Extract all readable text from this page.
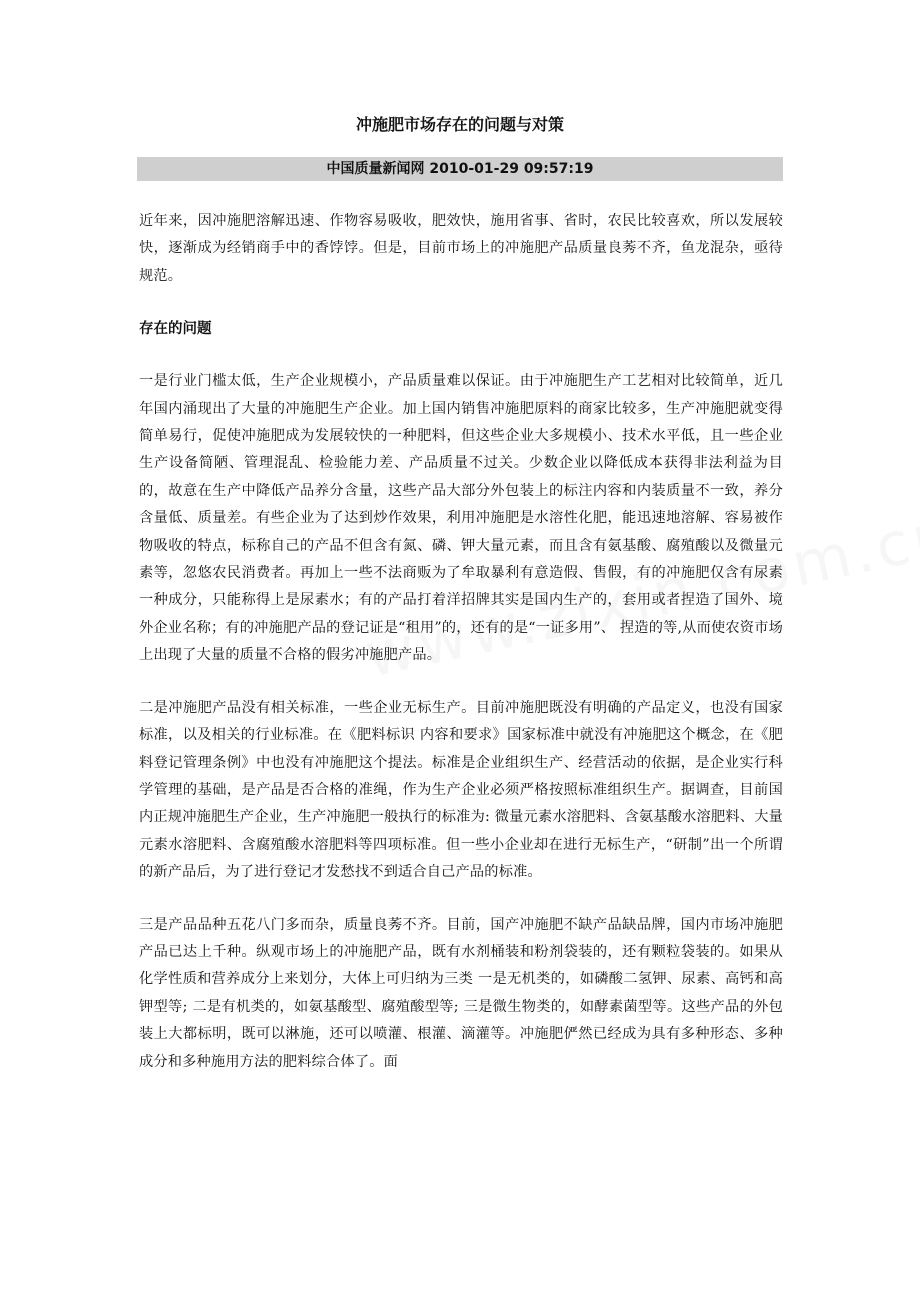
冲施肥市场存在的问题与对策
中国质量新闻网 2010-01-29 09:57:19

近年来，因冲施肥溶解迅速、作物容易吸收，肥效快，施用省事、省时，农民比较喜欢，所以发展较快，逐渐成为经销商手中的香饽饽。但是，目前市场上的冲施肥产品质量良莠不齐，鱼龙混杂，亟待规范。

存在的问题

一是行业门槛太低，生产企业规模小，产品质量难以保证。由于冲施肥生产工艺相对比较简单，近几年国内涌现出了大量的冲施肥生产企业。加上国内销售冲施肥原料的商家比较多，生产冲施肥就变得简单易行，促使冲施肥成为发展较快的一种肥料，但这些企业大多规模小、技术水平低，且一些企业生产设备简陋、管理混乱、检验能力差、产品质量不过关。少数企业以降低成本获得非法利益为目的，故意在生产中降低产品养分含量，这些产品大部分外包装上的标注内容和内装质量不一致，养分含量低、质量差。有些企业为了达到炒作效果，利用冲施肥是水溶性化肥，能迅速地溶解、容易被作物吸收的特点，标称自己的产品不但含有氮、磷、钾大量元素，而且含有氨基酸、腐殖酸以及微量元素等，忽悠农民消费者。再加上一些不法商贩为了牟取暴利有意造假、售假，有的冲施肥仅含有尿素一种成分，只能称得上是尿素水；有的产品打着洋招牌其实是国内生产的，套用或者捏造了国外、境外企业名称；有的冲施肥产品的登记证是“租用”的，还有的是“一证多用”、 捏造的等,从而使农资市场上出现了大量的质量不合格的假劣冲施肥产品。

二是冲施肥产品没有相关标准，一些企业无标生产。目前冲施肥既没有明确的产品定义，也没有国家标准，以及相关的行业标准。在《肥料标识 内容和要求》国家标准中就没有冲施肥这个概念，在《肥料登记管理条例》中也没有冲施肥这个提法。标准是企业组织生产、经营活动的依据，是企业实行科学管理的基础，是产品是否合格的准绳，作为生产企业必须严格按照标准组织生产。据调查，目前国内正规冲施肥生产企业，生产冲施肥一般执行的标准为: 微量元素水溶肥料、含氨基酸水溶肥料、大量元素水溶肥料、含腐殖酸水溶肥料等四项标准。但一些小企业却在进行无标生产，“研制”出一个所谓的新产品后，为了进行登记才发愁找不到适合自己产品的标准。

三是产品品种五花八门多而杂，质量良莠不齐。目前，国产冲施肥不缺产品缺品牌，国内市场冲施肥产品已达上千种。纵观市场上的冲施肥产品，既有水剂桶装和粉剂袋装的，还有颗粒袋装的。如果从化学性质和营养成分上来划分，大体上可归纳为三类 一是无机类的，如磷酸二氢钾、尿素、高钙和高钾型等; 二是有机类的，如氨基酸型、腐殖酸型等; 三是微生物类的，如酵素菌型等。这些产品的外包装上大都标明，既可以淋施，还可以喷灌、根灌、滴灌等。冲施肥俨然已经成为具有多种形态、多种成分和多种施用方法的肥料综合体了。面
